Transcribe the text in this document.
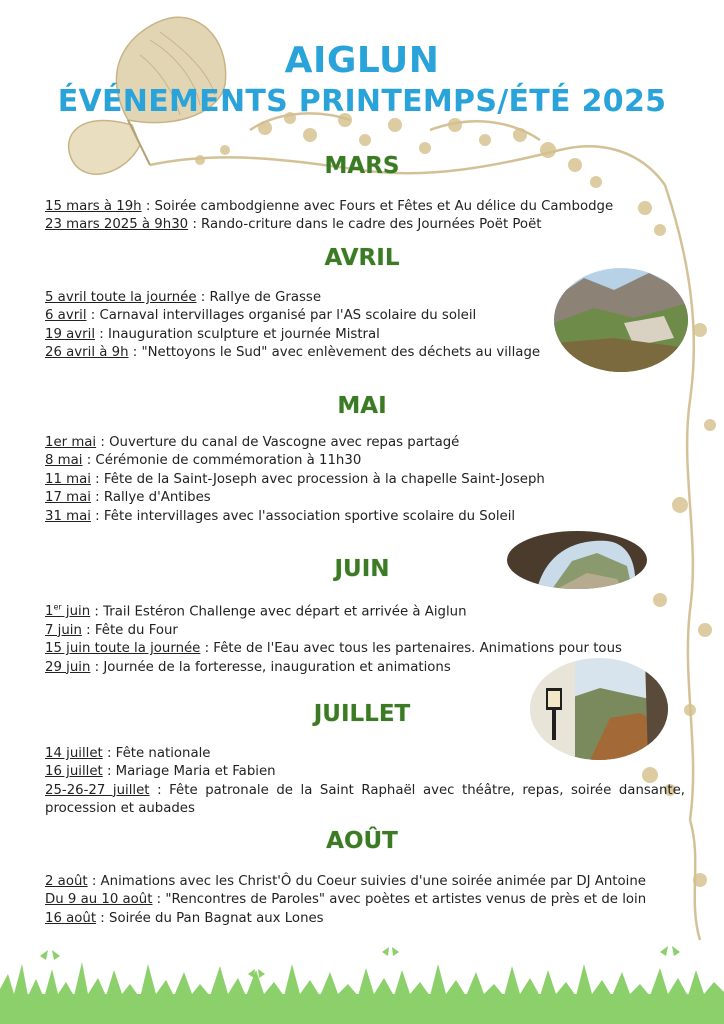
AIGLUN
ÉVÉNEMENTS PRINTEMPS/ÉTÉ 2025
MARS
15 mars à 19h : Soirée cambodgienne avec Fours et Fêtes et Au délice du Cambodge
23 mars 2025 à 9h30 : Rando-criture dans le cadre des Journées Poët Poët
AVRIL
5 avril toute la journée : Rallye de Grasse
6 avril : Carnaval intervillages organisé par l'AS scolaire du soleil
19 avril : Inauguration sculpture et journée Mistral
26 avril à 9h : "Nettoyons le Sud" avec enlèvement des déchets au village
MAI
1er mai : Ouverture du canal de Vascogne avec repas partagé
8 mai : Cérémonie de commémoration à 11h30
11 mai : Fête de la Saint-Joseph avec procession à la chapelle Saint-Joseph
17 mai : Rallye d'Antibes
31 mai : Fête intervillages avec l'association sportive scolaire du Soleil
JUIN
1er juin : Trail Estéron Challenge avec départ et arrivée à Aiglun
7 juin : Fête du Four
15 juin toute la journée : Fête de l'Eau avec tous les partenaires. Animations pour tous
29 juin : Journée de la forteresse, inauguration et animations
JUILLET
14 juillet : Fête nationale
16 juillet : Mariage Maria et Fabien
25-26-27 juillet : Fête patronale de la Saint Raphaël avec théâtre, repas, soirée dansante, procession et aubades
AOÛT
2 août : Animations avec les Christ'Ô du Coeur suivies d'une soirée animée par DJ Antoine
Du 9 au 10 août : "Rencontres de Paroles" avec poètes et artistes venus de près et de loin
16 août : Soirée du Pan Bagnat aux Lones
